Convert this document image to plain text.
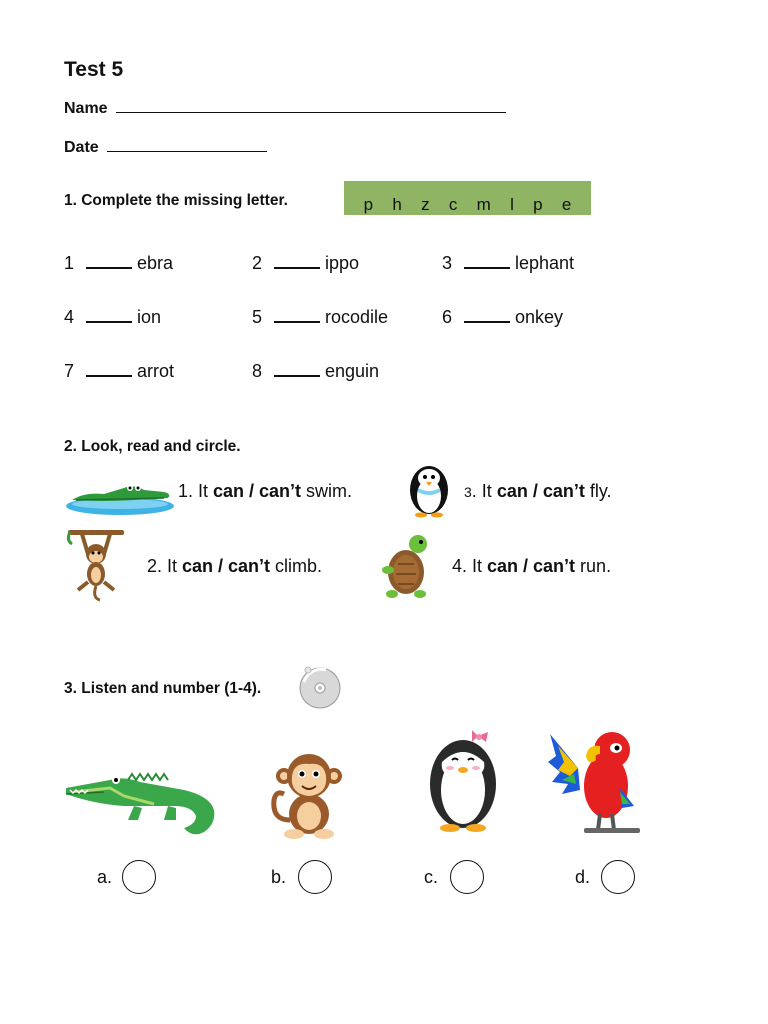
Test 5
Name
Date
1. Complete the missing letter.	p h z c m l p e
1	ebra	2	ippo	3	lephant
4	ion	5	rocodile	6	onkey
7	arrot	8	enguin
2. Look, read and circle.
1. It can / can’t swim.	3. It can / can’t fly.
2. It can / can’t climb.	4. It can / can’t run.
3. Listen and number (1-4).
a.	b.	c.	d.
